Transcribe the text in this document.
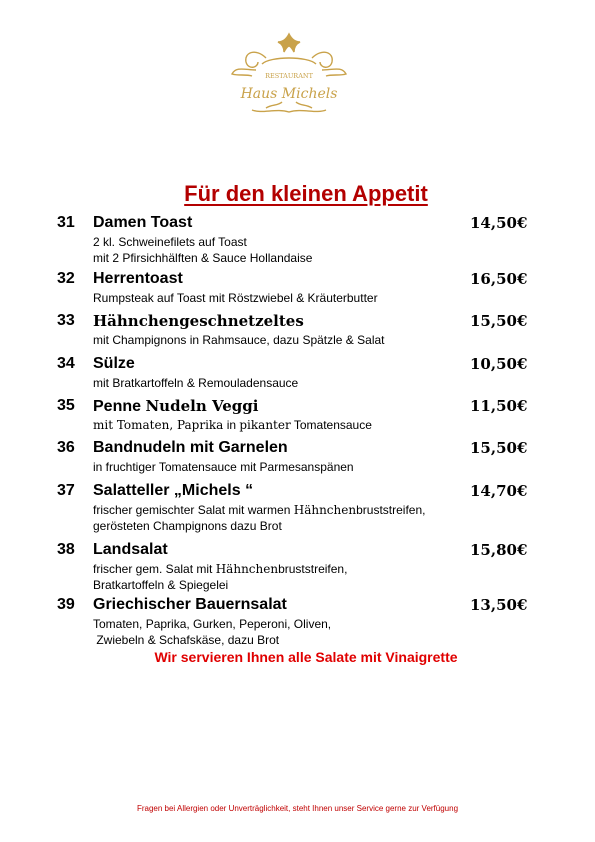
RESTAURANT
Haus Michels
Für den kleinen Appetit
31 Damen Toast	14,50€
2 kl. Schweinefilets auf Toast
mit 2 Pfirsichhälften & Sauce Hollandaise
32 Herrentoast	16,50€
Rumpsteak auf Toast mit Röstzwiebel & Kräuterbutter
33 Hähnchengeschnetzeltes	15,50€
mit Champignons in Rahmsauce, dazu Spätzle & Salat
34 Sülze	10,50€
mit Bratkartoffeln & Remouladensauce
35 Penne Nudeln Veggi	11,50€
mit Tomaten, Paprika in pikanter Tomatensauce
36 Bandnudeln mit Garnelen	15,50€
in fruchtiger Tomatensauce mit Parmesanspänen
37 Salatteller „Michels “	14,70€
frischer gemischter Salat mit warmen Hähnchenbruststreifen,
gerösteten Champignons dazu Brot
38 Landsalat	15,80€
frischer gem. Salat mit Hähnchenbruststreifen,
Bratkartoffeln & Spiegelei
39 Griechischer Bauernsalat	13,50€
Tomaten, Paprika, Gurken, Peperoni, Oliven,
Zwiebeln & Schafskäse, dazu Brot
Wir servieren Ihnen alle Salate mit Vinaigrette
Fragen bei Allergien oder Unverträglichkeit, steht Ihnen unser Service gerne zur Verfügung
